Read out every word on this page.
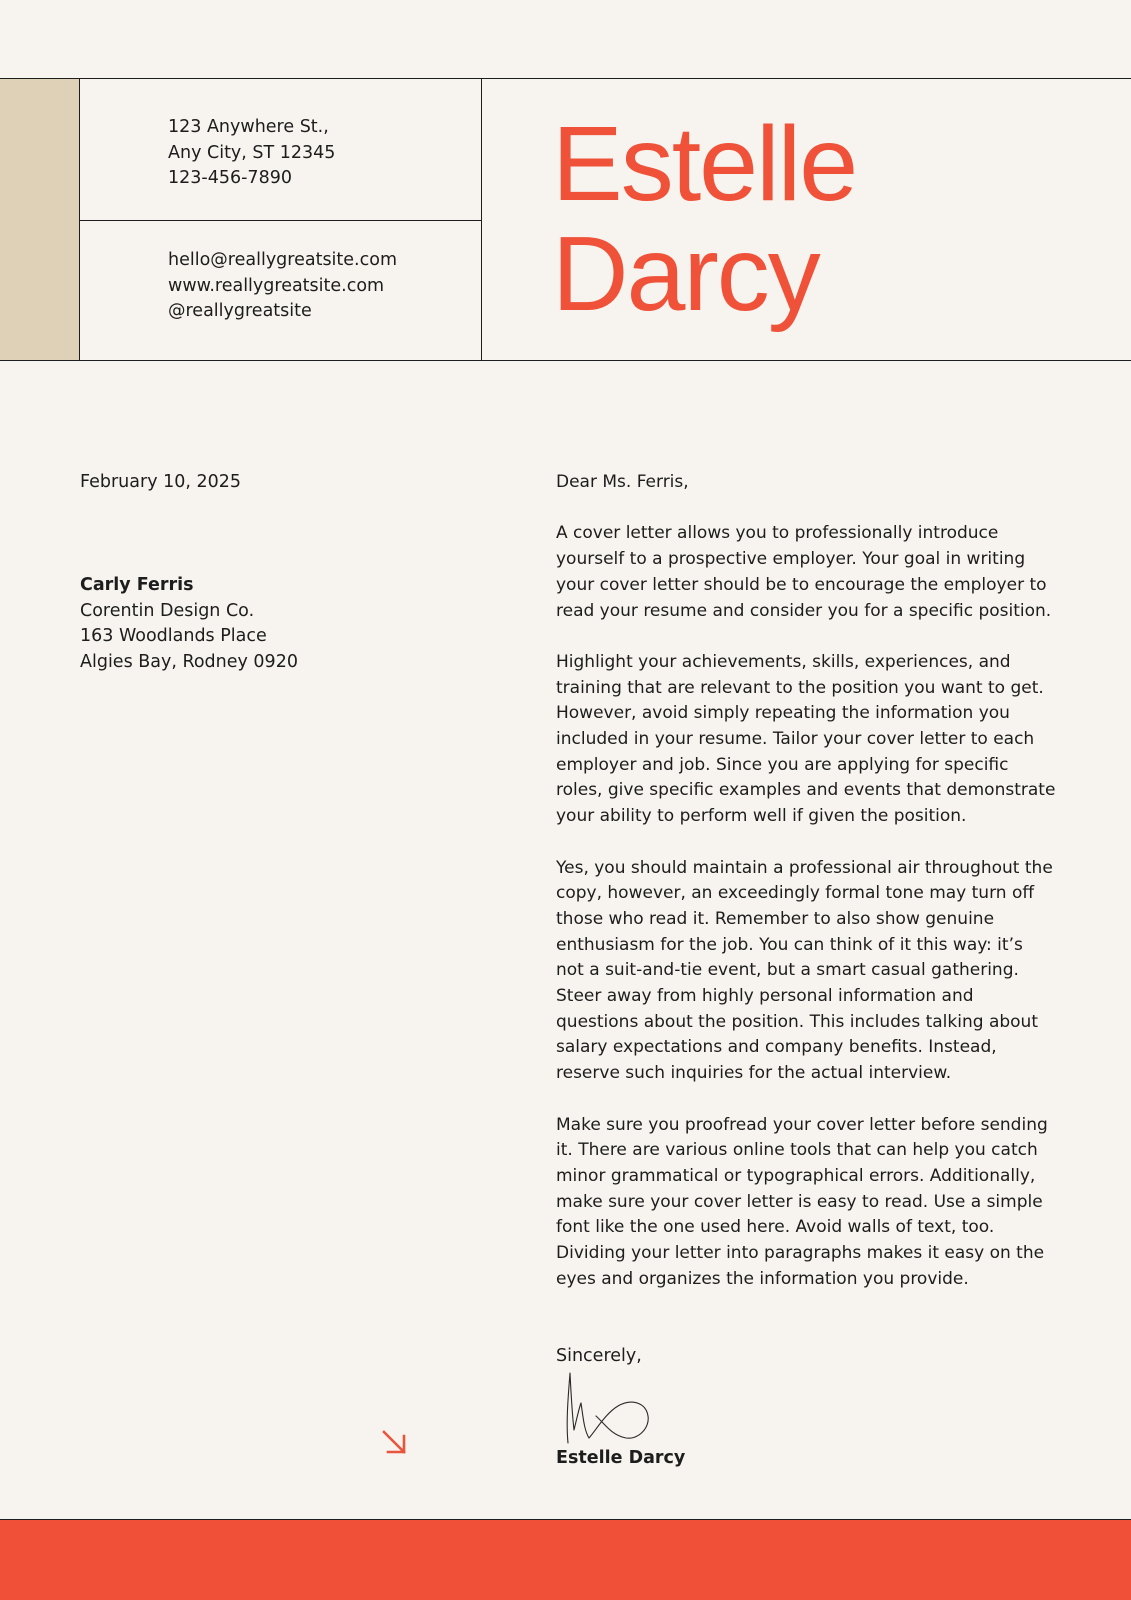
123 Anywhere St.,
Any City, ST 12345
123-456-7890
hello@reallygreatsite.com
www.reallygreatsite.com
@reallygreatsite
Estelle
Darcy
February 10, 2025
Carly Ferris
Corentin Design Co.
163 Woodlands Place
Algies Bay, Rodney 0920
Dear Ms. Ferris,

A cover letter allows you to professionally introduce yourself to a prospective employer. Your goal in writing your cover letter should be to encourage the employer to read your resume and consider you for a specific position.

Highlight your achievements, skills, experiences, and training that are relevant to the position you want to get. However, avoid simply repeating the information you included in your resume. Tailor your cover letter to each employer and job. Since you are applying for specific roles, give specific examples and events that demonstrate your ability to perform well if given the position.

Yes, you should maintain a professional air throughout the copy, however, an exceedingly formal tone may turn off those who read it. Remember to also show genuine enthusiasm for the job. You can think of it this way: it’s not a suit-and-tie event, but a smart casual gathering. Steer away from highly personal information and questions about the position. This includes talking about salary expectations and company benefits. Instead, reserve such inquiries for the actual interview.

Make sure you proofread your cover letter before sending it. There are various online tools that can help you catch minor grammatical or typographical errors. Additionally, make sure your cover letter is easy to read. Use a simple font like the one used here. Avoid walls of text, too. Dividing your letter into paragraphs makes it easy on the eyes and organizes the information you provide.

Sincerely,
Estelle Darcy
